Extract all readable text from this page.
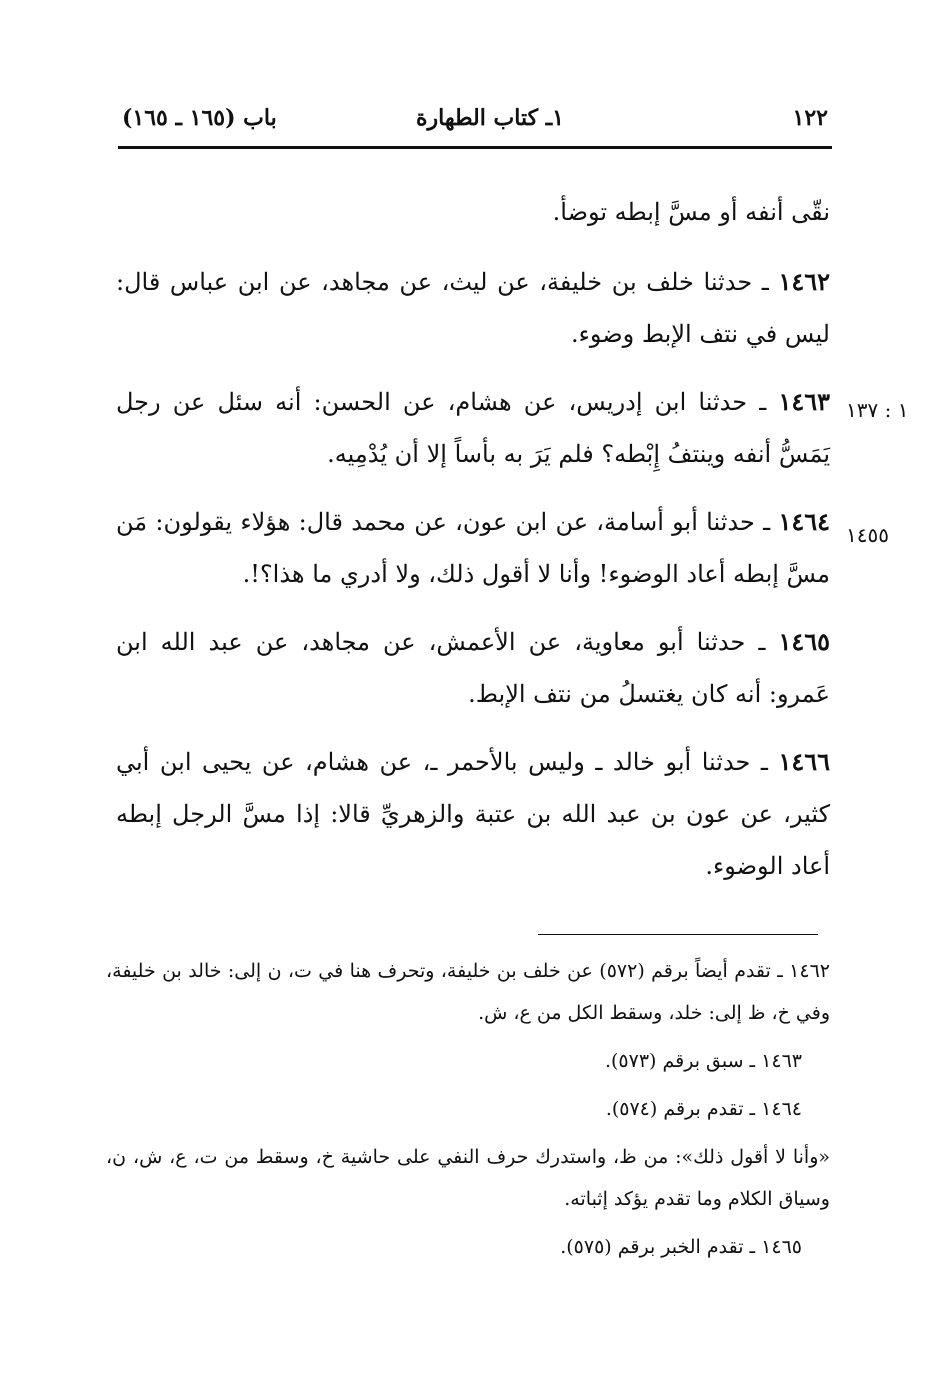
١٢٢
١ـ كتاب الطهارة
باب (١٦٥ ـ ١٦٥)
١ : ١٣٧
١٤٥٥

نقّى أنفه أو مسَّ إبطه توضأ.

١٤٦٢ ـ حدثنا خلف بن خليفة، عن ليث، عن مجاهد، عن ابن عباس قال: ليس في نتف الإبط وضوء.

١٤٦٣ ـ حدثنا ابن إدريس، عن هشام، عن الحسن: أنه سئل عن رجل يَمَسُّ أنفه وينتفُ إِبْطه؟ فلم يَرَ به بأساً إلا أن يُدْمِيه.

١٤٦٤ ـ حدثنا أبو أسامة، عن ابن عون، عن محمد قال: هؤلاء يقولون: مَن مسَّ إبطه أعاد الوضوء! وأنا لا أقول ذلك، ولا أدري ما هذا؟!.

١٤٦٥ ـ حدثنا أبو معاوية، عن الأعمش، عن مجاهد، عن عبد الله ابن عَمرو: أنه كان يغتسلُ من نتف الإبط.

١٤٦٦ ـ حدثنا أبو خالد ـ وليس بالأحمر ـ، عن هشام، عن يحيى ابن أبي كثير، عن عون بن عبد الله بن عتبة والزهريِّ قالا: إذا مسَّ الرجل إبطه أعاد الوضوء.

١٤٦٢ ـ تقدم أيضاً برقم (٥٧٢) عن خلف بن خليفة، وتحرف هنا في ت، ن إلى: خالد بن خليفة، وفي خ، ظ إلى: خلد، وسقط الكل من ع، ش.

١٤٦٣ ـ سبق برقم (٥٧٣).

١٤٦٤ ـ تقدم برقم (٥٧٤).

«وأنا لا أقول ذلك»: من ظ، واستدرك حرف النفي على حاشية خ، وسقط من ت، ع، ش، ن، وسياق الكلام وما تقدم يؤكد إثباته.

١٤٦٥ ـ تقدم الخبر برقم (٥٧٥).
